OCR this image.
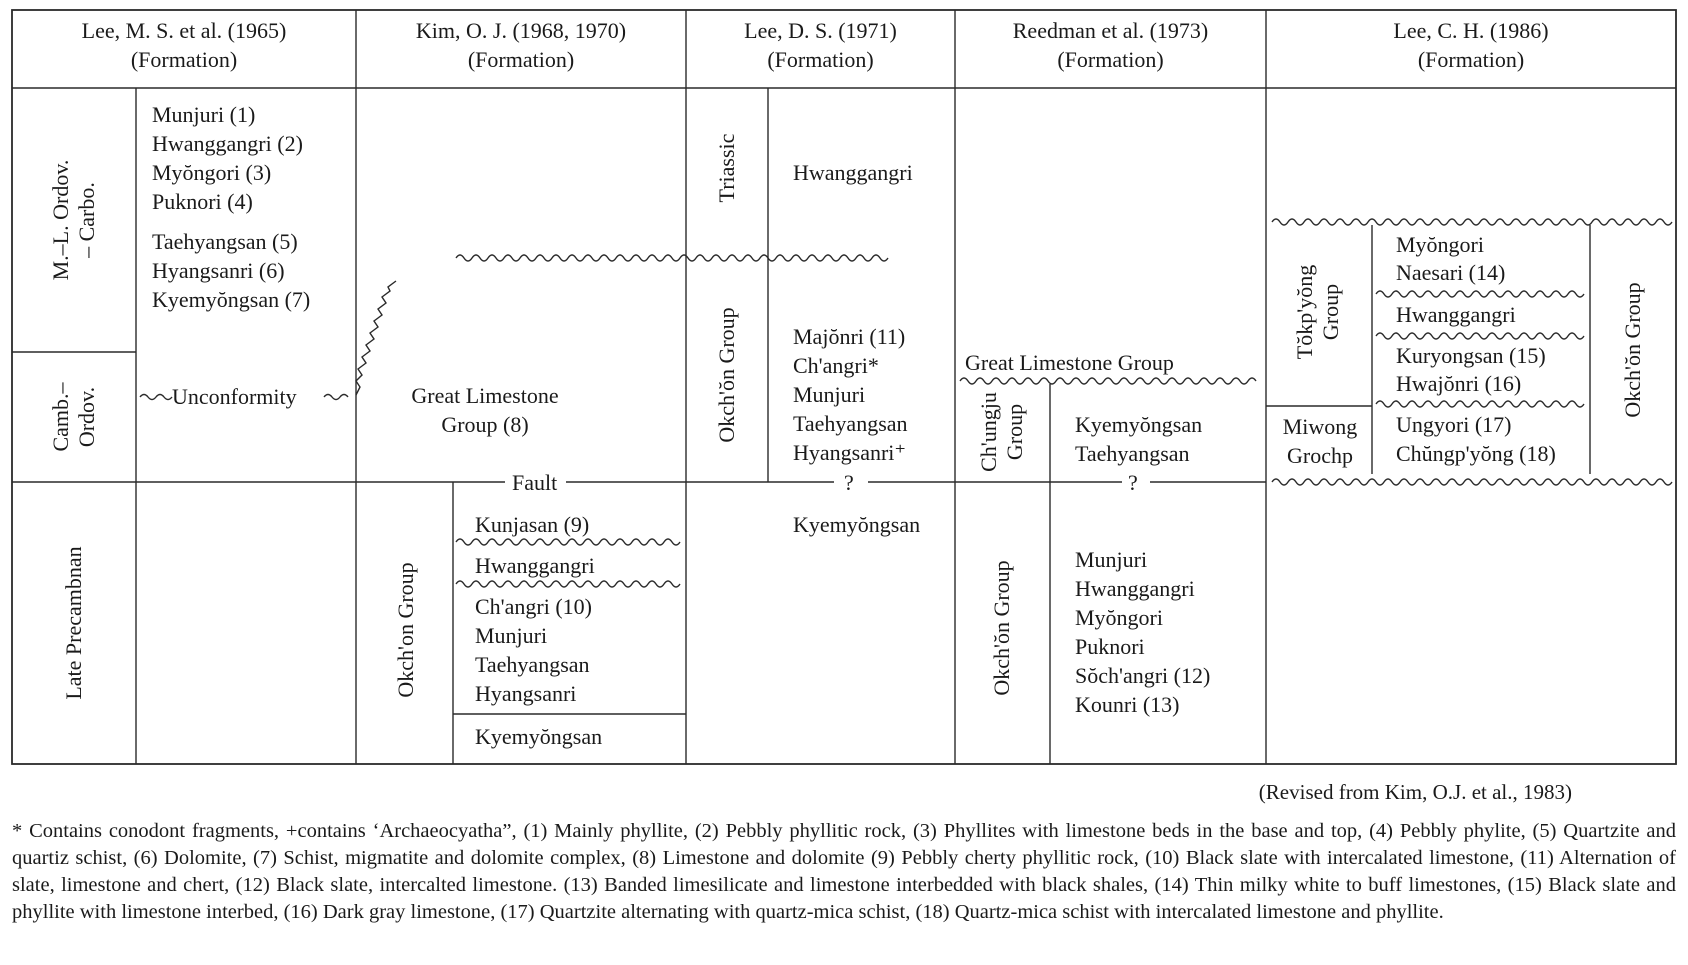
Lee, M. S. et al. (1965)
(Formation)
Kim, O. J. (1968, 1970)
(Formation)
Lee, D. S. (1971)
(Formation)
Reedman et al. (1973)
(Formation)
Lee, C. H. (1986)
(Formation)
M.–L. Ordov.
– Carbo.
Camb.–
Ordov.
Late Precambnan
Munjuri (1)
Hwanggangri (2)
Myŏngori (3)
Puknori (4)
Taehyangsan (5)
Hyangsanri (6)
Kyemyŏngsan (7)
Unconformity	Great Limestone
Group (8)
Fault
Okch'on Group
Kunjasan (9)
Hwanggangri
Ch'angri (10)
Munjuri
Taehyangsan
Hyangsanri
Kyemyŏngsan
Triassic Hwanggangri
Okch'ŏn Group Majŏnri (11)
Ch'angri*
Munjuri
Taehyangsan
Hyangsanri⁺
?
Kyemyŏngsan
Great Limestone Group
Ch'ungju
Group Kyemyŏngsan
Taehyangsan
?
Okch'ŏn Group
Munjuri
Hwanggangri
Myŏngori
Puknori
Sŏch'angri (12)
Kounri (13)
Tŏkp'yŏng
Group
Myŏngori
Naesari (14)
Hwanggangri
Kuryongsan (15)
Hwajŏnri (16)
Miwong
Grochp
Ungyori (17)
Chŭngp'yŏng (18)
Okch'ŏn Group
(Revised from Kim, O.J. et al., 1983)
* Contains conodont fragments, +contains ‘Archaeocyatha”, (1) Mainly phyllite, (2) Pebbly phyllitic rock, (3) Phyllites with limestone beds in the base and top, (4) Pebbly phylite, (5) Quartzite and quartiz schist, (6) Dolomite, (7) Schist, migmatite and dolomite complex, (8) Limestone and dolomite (9) Pebbly cherty phyllitic rock, (10) Black slate with intercalated limestone, (11) Alternation of slate, limestone and chert, (12) Black slate, intercalted limestone. (13) Banded limesilicate and limestone interbedded with black shales, (14) Thin milky white to buff limestones, (15) Black slate and phyllite with limestone interbed, (16) Dark gray limestone, (17) Quartzite alternating with quartz-mica schist, (18) Quartz-mica schist with intercalated limestone and phyllite.
